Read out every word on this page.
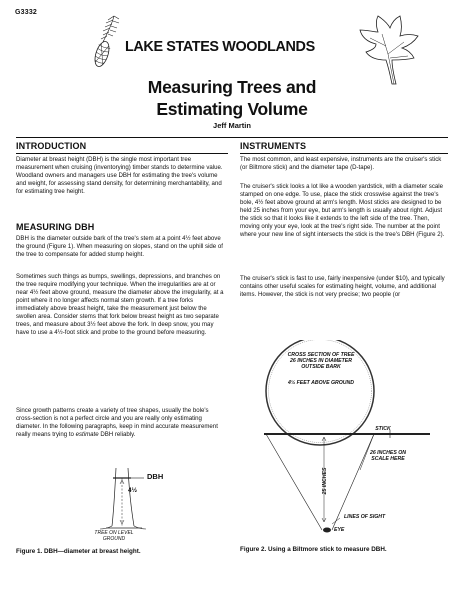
G3332
LAKE STATES WOODLANDS
Measuring Trees and
Estimating Volume
Jeff Martin
INTRODUCTION
Diameter at breast height (DBH) is the single most important tree measurement when cruising (inventorying) timber stands to determine value. Woodland owners and managers use DBH for estimating the tree's volume and weight, for assessing stand density, for determining merchantability, and for estimating tree height.
MEASURING DBH
DBH is the diameter outside bark of the tree's stem at a point 4½ feet above the ground (Figure 1). When measuring on slopes, stand on the uphill side of the tree to compensate for added stump height.
Sometimes such things as bumps, swellings, depressions, and branches on the tree require modifying your technique. When the irregularities are at or near 4½ feet above ground, measure the diameter above the irregularity, at a point where it no longer affects normal stem growth. If a tree forks immediately above breast height, take the measurement just below the swollen area. Consider stems that fork below breast height as two separate trees, and measure about 3½ feet above the fork. In deep snow, you may have to use a 4½-foot stick and probe to the ground before measuring.
Since growth patterns create a variety of tree shapes, usually the bole's cross-section is not a perfect circle and you are really only estimating diameter. In the following paragraphs, keep in mind accurate measurement really means trying to estimate DBH reliably.
INSTRUMENTS
The most common, and least expensive, instruments are the cruiser's stick (or Biltmore stick) and the diameter tape (D-tape).
The cruiser's stick looks a lot like a wooden yardstick, with a diameter scale stamped on one edge. To use, place the stick crosswise against the tree's bole, 4½ feet above ground at arm's length. Most sticks are designed to be held 25 inches from your eye, but arm's length is usually about right. Adjust the stick so that it looks like it extends to the left side of the tree. Then, moving only your eye, look at the tree's right side. The number at the point where your new line of sight intersects the stick is the tree's DBH (Figure 2).
The cruiser's stick is fast to use, fairly inexpensive (under $10), and typically contains other useful scales for estimating height, volume, and additional items. However, the stick is not very precise; two people (or
DBH
4½
TREE ON LEVEL
GROUND
Figure 1. DBH—diameter at breast height.
CROSS SECTION OF TREE
26 INCHES IN DIAMETER
OUTSIDE BARK
4½ FEET ABOVE GROUND
STICK
26 INCHES ON
SCALE HERE
25 INCHES
LINES OF SIGHT
EYE
Figure 2. Using a Biltmore stick to measure DBH.
